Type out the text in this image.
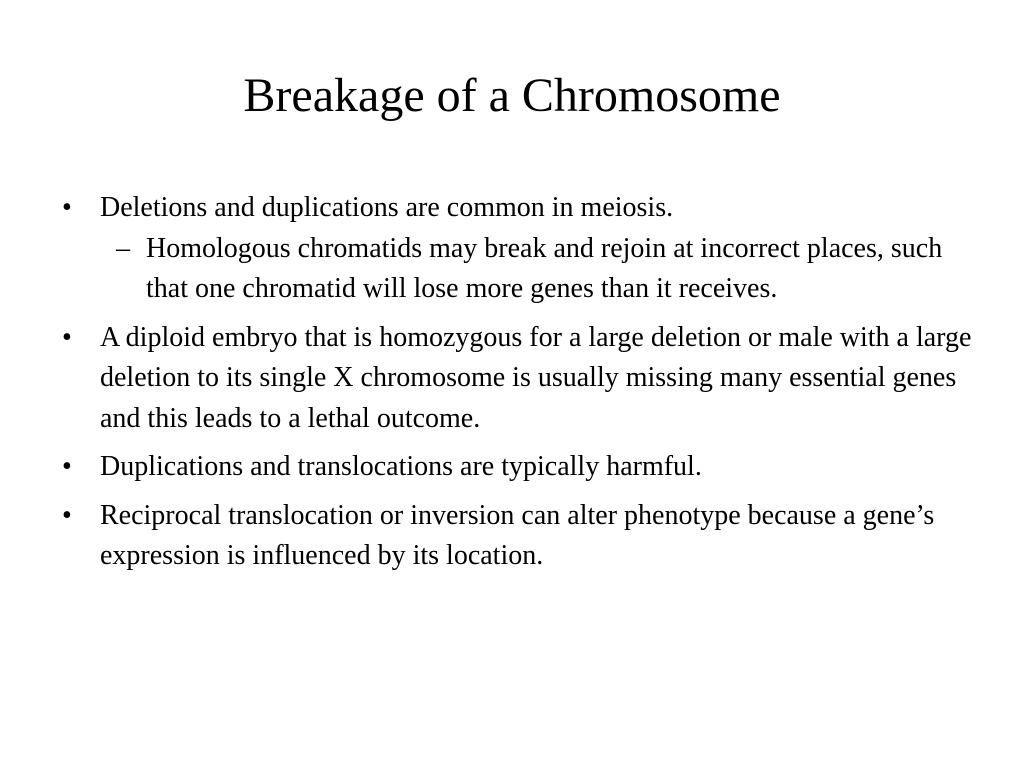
Breakage of a Chromosome
• Deletions and duplications are common in meiosis.
– Homologous chromatids may break and rejoin at incorrect places, such that one chromatid will lose more genes than it receives.
• A diploid embryo that is homozygous for a large deletion or male with a large deletion to its single X chromosome is usually missing many essential genes and this leads to a lethal outcome.
• Duplications and translocations are typically harmful.
• Reciprocal translocation or inversion can alter phenotype because a gene’s expression is influenced by its location.
